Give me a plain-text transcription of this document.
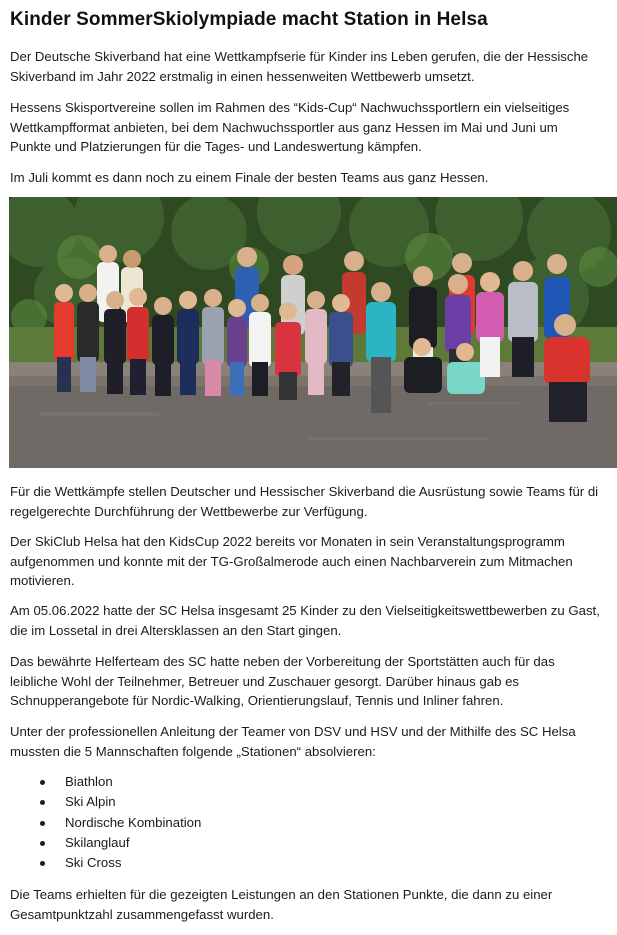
Kinder SommerSkiolympiade macht Station in Helsa

Der Deutsche Skiverband hat eine Wettkampfserie für Kinder ins Leben gerufen, die der Hessische
Skiverband im Jahr 2022 erstmalig in einen hessenweiten Wettbewerb umsetzt.

Hessens Skisportvereine sollen im Rahmen des “Kids-Cup“ Nachwuchssportlern ein vielseitiges
Wettkampfformat anbieten, bei dem Nachwuchssportler aus ganz Hessen im Mai und Juni um
Punkte und Platzierungen für die Tages- und Landeswertung kämpfen.

Im Juli kommt es dann noch zu einem Finale der besten Teams aus ganz Hessen.

Für die Wettkämpfe stellen Deutscher und Hessischer Skiverband die Ausrüstung sowie Teams für di
regelgerechte Durchführung der Wettbewerbe zur Verfügung.

Der SkiClub Helsa hat den KidsCup 2022 bereits vor Monaten in sein Veranstaltungsprogramm
aufgenommen und konnte mit der TG-Großalmerode auch einen Nachbarverein zum Mitmachen
motivieren.

Am 05.06.2022 hatte der SC Helsa insgesamt 25 Kinder zu den Vielseitigkeitswettbewerben zu Gast,
die im Lossetal in drei Altersklassen an den Start gingen.

Das bewährte Helferteam des SC hatte neben der Vorbereitung der Sportstätten auch für das
leibliche Wohl der Teilnehmer, Betreuer und Zuschauer gesorgt. Darüber hinaus gab es
Schnupperangebote für Nordic-Walking, Orientierungslauf, Tennis und Inliner fahren.

Unter der professionellen Anleitung der Teamer von DSV und HSV und der Mithilfe des SC Helsa
mussten die 5 Mannschaften folgende „Stationen“ absolvieren:

Biathlon
Ski Alpin
Nordische Kombination
Skilanglauf
Ski Cross

Die Teams erhielten für die gezeigten Leistungen an den Stationen Punkte, die dann zu einer
Gesamtpunktzahl zusammengefasst wurden.
